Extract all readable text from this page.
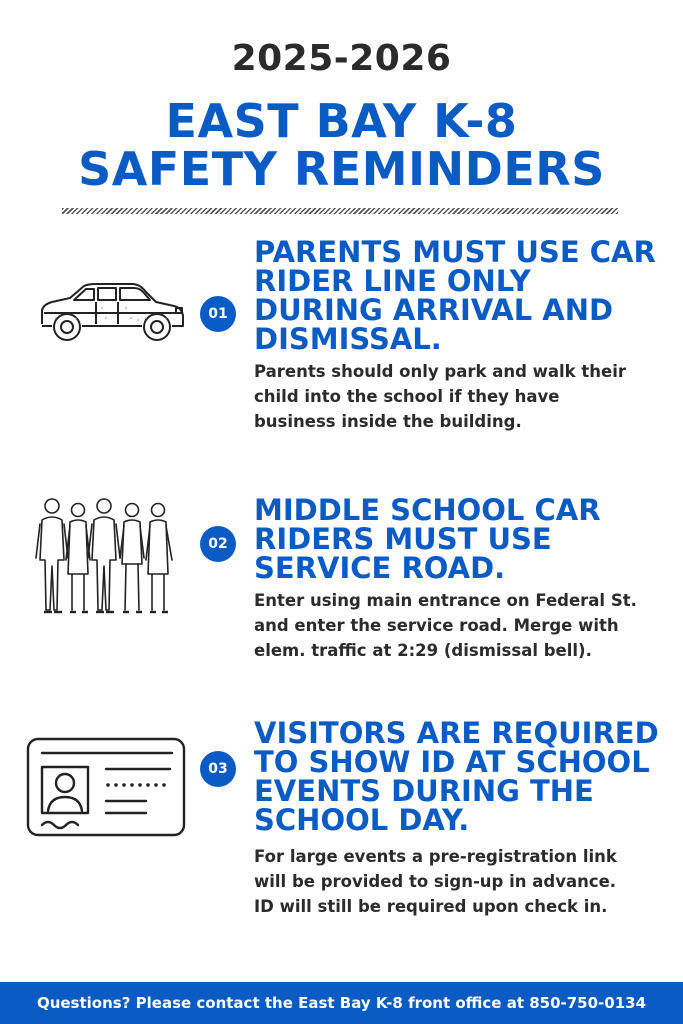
2025-2026
EAST BAY K-8
SAFETY REMINDERS
01
PARENTS MUST USE CAR
RIDER LINE ONLY
DURING ARRIVAL AND
DISMISSAL.
Parents should only park and walk their
child into the school if they have
business inside the building.
02
MIDDLE SCHOOL CAR
RIDERS MUST USE
SERVICE ROAD.
Enter using main entrance on Federal St.
and enter the service road. Merge with
elem. traffic at 2:29 (dismissal bell).
03
VISITORS ARE REQUIRED
TO SHOW ID AT SCHOOL
EVENTS DURING THE
SCHOOL DAY.
For large events a pre-registration link
will be provided to sign-up in advance.
ID will still be required upon check in.
Questions? Please contact the East Bay K-8 front office at 850-750-0134
